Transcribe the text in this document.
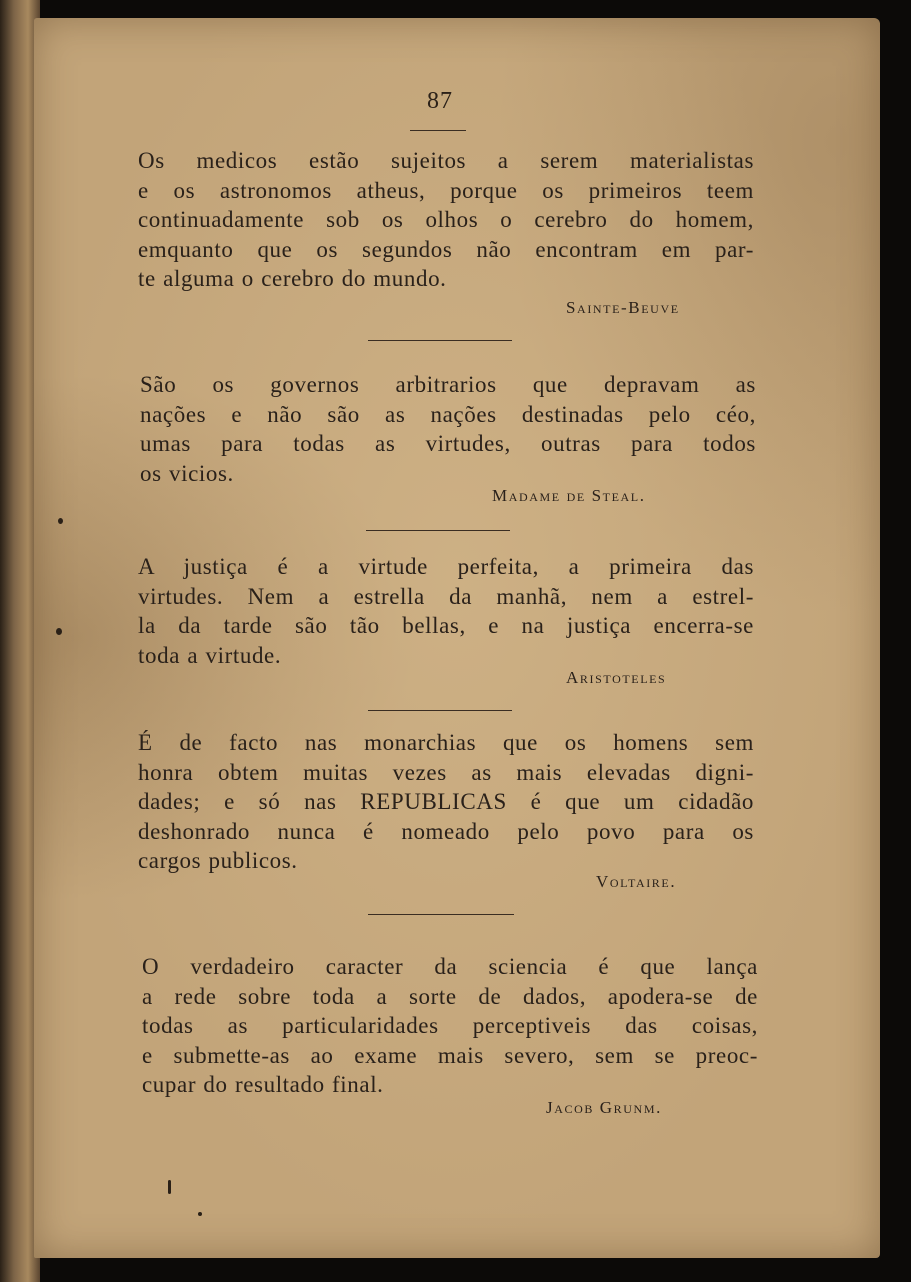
87
Os medicos estão sujeitos a serem materialistas
e os astronomos atheus, porque os primeiros teem
continuadamente sob os olhos o cerebro do homem,
emquanto que os segundos não encontram em par-
te alguma o cerebro do mundo.
Sainte-Beuve
São os governos arbitrarios que depravam as
nações e não são as nações destinadas pelo céo,
umas para todas as virtudes, outras para todos
os vicios.
Madame de Steal.
A justiça é a virtude perfeita, a primeira das
virtudes. Nem a estrella da manhã, nem a estrel-
la da tarde são tão bellas, e na justiça encerra-se
toda a virtude.
Aristoteles
É de facto nas monarchias que os homens sem
honra obtem muitas vezes as mais elevadas digni-
dades; e só nas REPUBLICAS é que um cidadão
deshonrado nunca é nomeado pelo povo para os
cargos publicos.
Voltaire.
O verdadeiro caracter da sciencia é que lança
a rede sobre toda a sorte de dados, apodera-se de
todas as particularidades perceptiveis das coisas,
e submette-as ao exame mais severo, sem se preoc-
cupar do resultado final.
Jacob Grunm.
